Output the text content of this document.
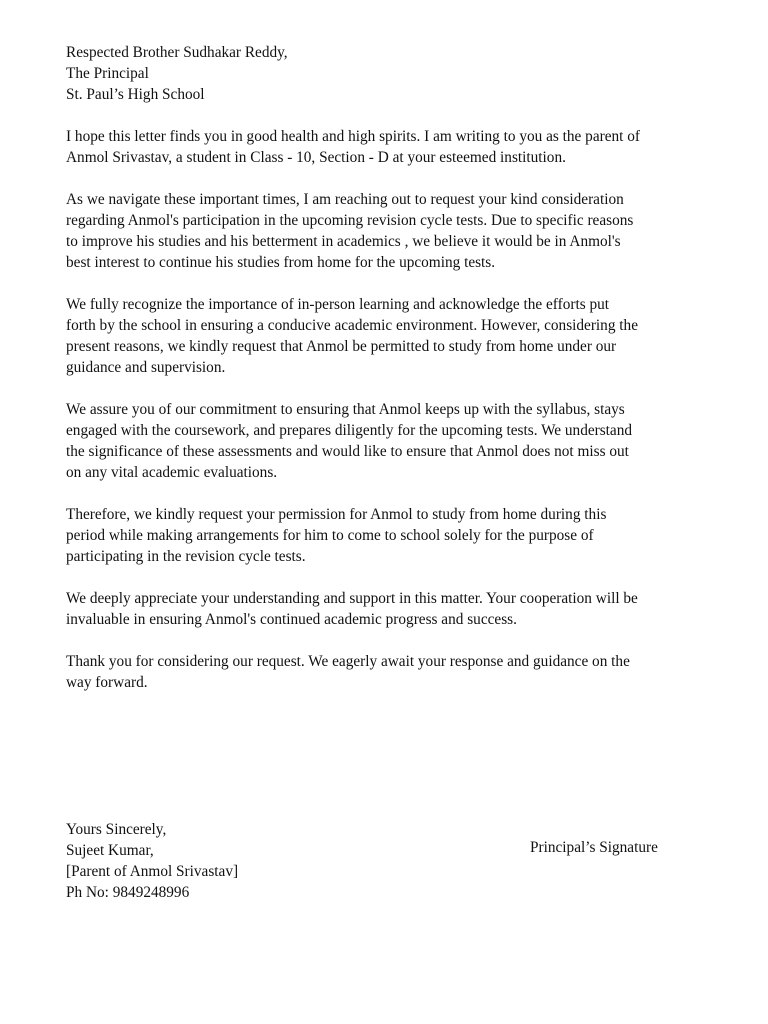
Respected Brother Sudhakar Reddy,
The Principal
St. Paul’s High School
I hope this letter finds you in good health and high spirits. I am writing to you as the parent of
Anmol Srivastav, a student in Class - 10, Section - D at your esteemed institution.
As we navigate these important times, I am reaching out to request your kind consideration
regarding Anmol's participation in the upcoming revision cycle tests. Due to specific reasons
to improve his studies and his betterment in academics , we believe it would be in Anmol's
best interest to continue his studies from home for the upcoming tests.
We fully recognize the importance of in-person learning and acknowledge the efforts put
forth by the school in ensuring a conducive academic environment. However, considering the
present reasons, we kindly request that Anmol be permitted to study from home under our
guidance and supervision.
We assure you of our commitment to ensuring that Anmol keeps up with the syllabus, stays
engaged with the coursework, and prepares diligently for the upcoming tests. We understand
the significance of these assessments and would like to ensure that Anmol does not miss out
on any vital academic evaluations.
Therefore, we kindly request your permission for Anmol to study from home during this
period while making arrangements for him to come to school solely for the purpose of
participating in the revision cycle tests.
We deeply appreciate your understanding and support in this matter. Your cooperation will be
invaluable in ensuring Anmol's continued academic progress and success.
Thank you for considering our request. We eagerly await your response and guidance on the
way forward.
Yours Sincerely,
Sujeet Kumar,
[Parent of Anmol Srivastav]
Ph No: 9849248996
Principal’s Signature
